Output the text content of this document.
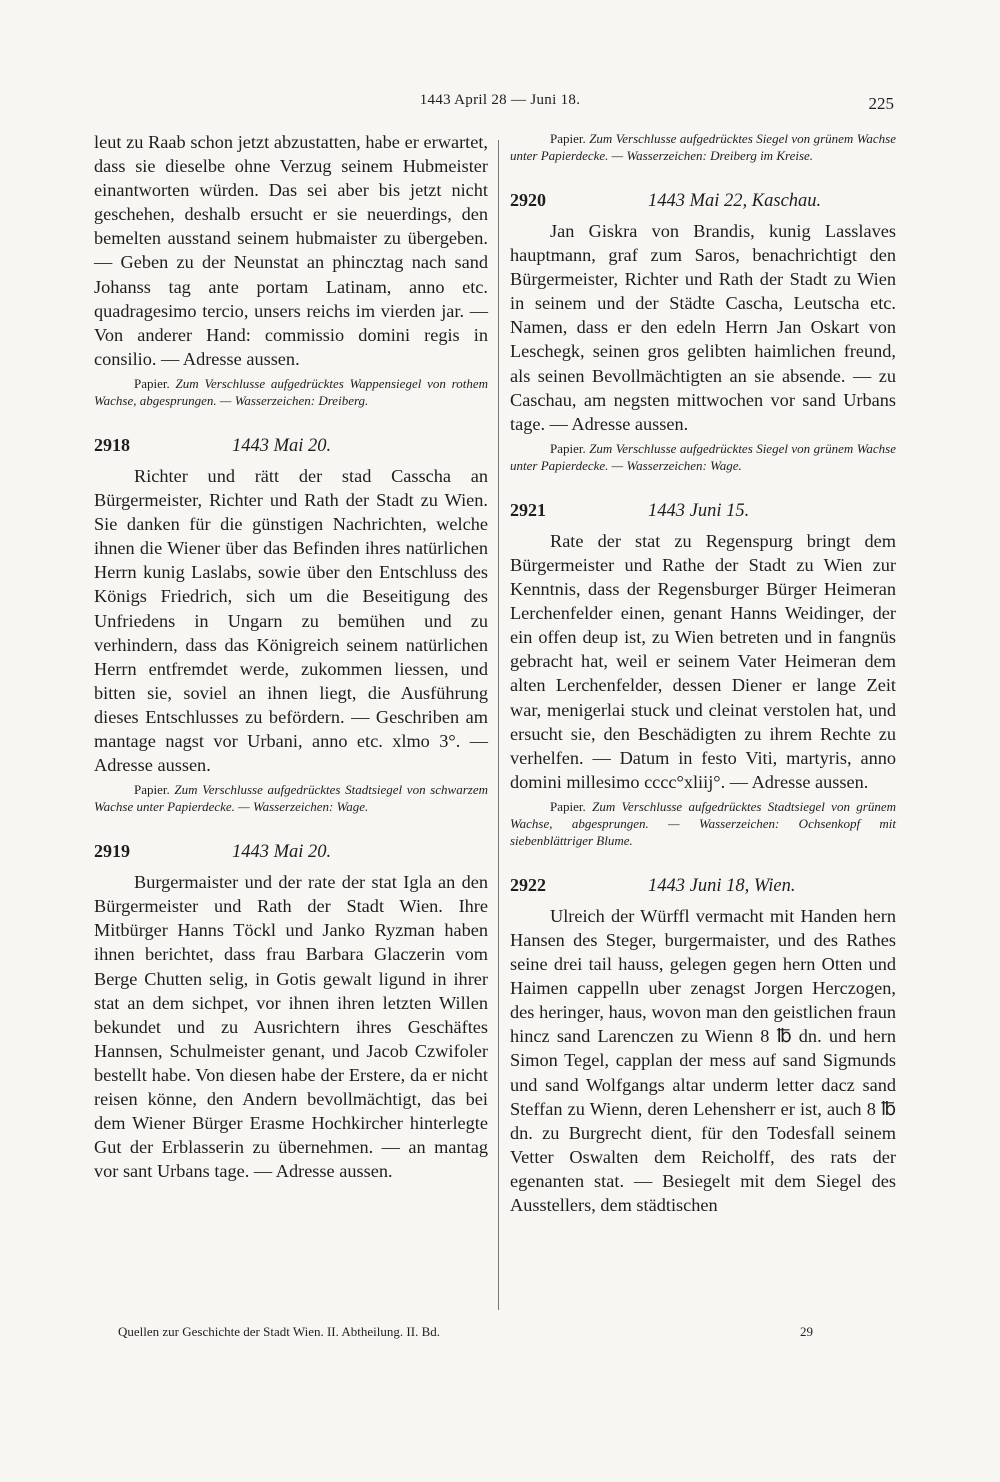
1443 April 28 — Juni 18.	225

leut zu Raab schon jetzt abzustatten, habe er erwartet, dass sie dieselbe ohne Verzug seinem Hubmeister einantworten würden. Das sei aber bis jetzt nicht geschehen, deshalb ersucht er sie neuerdings, den bemelten ausstand seinem hubmaister zu übergeben. — Geben zu der Neunstat an phincztag nach sand Johanss tag ante portam Latinam, anno etc. quadragesimo tercio, unsers reichs im vierden jar. — Von anderer Hand: commissio domini regis in consilio. — Adresse aussen.

Papier. Zum Verschlusse aufgedrücktes Wappensiegel von rothem Wachse, abgesprungen. — Wasserzeichen: Dreiberg.

2918	1443 Mai 20.

Richter und rätt der stad Casscha an Bürgermeister, Richter und Rath der Stadt zu Wien. Sie danken für die günstigen Nachrichten, welche ihnen die Wiener über das Befinden ihres natürlichen Herrn kunig Laslabs, sowie über den Entschluss des Königs Friedrich, sich um die Beseitigung des Unfriedens in Ungarn zu bemühen und zu verhindern, dass das Königreich seinem natürlichen Herrn entfremdet werde, zukommen liessen, und bitten sie, soviel an ihnen liegt, die Ausführung dieses Entschlusses zu befördern. — Geschriben am mantage nagst vor Urbani, anno etc. xlmo 3°. — Adresse aussen.

Papier. Zum Verschlusse aufgedrücktes Stadtsiegel von schwarzem Wachse unter Papierdecke. — Wasserzeichen: Wage.

2919	1443 Mai 20.

Burgermaister und der rate der stat Igla an den Bürgermeister und Rath der Stadt Wien. Ihre Mitbürger Hanns Töckl und Janko Ryzman haben ihnen berichtet, dass frau Barbara Glaczerin vom Berge Chutten selig, in Gotis gewalt ligund in ihrer stat an dem sichpet, vor ihnen ihren letzten Willen bekundet und zu Ausrichtern ihres Geschäftes Hannsen, Schulmeister genant, und Jacob Czwifoler bestellt habe. Von diesen habe der Erstere, da er nicht reisen könne, den Andern bevollmächtigt, das bei dem Wiener Bürger Erasme Hochkircher hinterlegte Gut der Erblasserin zu übernehmen. — an mantag vor sant Urbans tage. — Adresse aussen.

Papier. Zum Verschlusse aufgedrücktes Siegel von grünem Wachse unter Papierdecke. — Wasserzeichen: Dreiberg im Kreise.

2920	1443 Mai 22, Kaschau.

Jan Giskra von Brandis, kunig Lasslaves hauptmann, graf zum Saros, benachrichtigt den Bürgermeister, Richter und Rath der Stadt zu Wien in seinem und der Städte Cascha, Leutscha etc. Namen, dass er den edeln Herrn Jan Oskart von Leschegk, seinen gros gelibten haimlichen freund, als seinen Bevollmächtigten an sie absende. — zu Caschau, am negsten mittwochen vor sand Urbans tage. — Adresse aussen.

Papier. Zum Verschlusse aufgedrücktes Siegel von grünem Wachse unter Papierdecke. — Wasserzeichen: Wage.

2921	1443 Juni 15.

Rate der stat zu Regenspurg bringt dem Bürgermeister und Rathe der Stadt zu Wien zur Kenntnis, dass der Regensburger Bürger Heimeran Lerchenfelder einen, genant Hanns Weidinger, der ein offen deup ist, zu Wien betreten und in fangnüs gebracht hat, weil er seinem Vater Heimeran dem alten Lerchenfelder, dessen Diener er lange Zeit war, menigerlai stuck und cleinat verstolen hat, und ersucht sie, den Beschädigten zu ihrem Rechte zu verhelfen. — Datum in festo Viti, martyris, anno domini millesimo cccc°xliij°. — Adresse aussen.

Papier. Zum Verschlusse aufgedrücktes Stadtsiegel von grünem Wachse, abgesprungen. — Wasserzeichen: Ochsenkopf mit siebenblättriger Blume.

2922	1443 Juni 18, Wien.

Ulreich der Würffl vermacht mit Handen hern Hansen des Steger, burgermaister, und des Rathes seine drei tail hauss, gelegen gegen hern Otten und Haimen cappelln uber zenagst Jorgen Herczogen, des heringer, haus, wovon man den geistlichen fraun hincz sand Larenczen zu Wienn 8 ℔ dn. und hern Simon Tegel, capplan der mess auf sand Sigmunds und sand Wolfgangs altar underm letter dacz sand Steffan zu Wienn, deren Lehensherr er ist, auch 8 ℔ dn. zu Burgrecht dient, für den Todesfall seinem Vetter Oswalten dem Reicholff, des rats der egenanten stat. — Besiegelt mit dem Siegel des Ausstellers, dem städtischen

Quellen zur Geschichte der Stadt Wien. II. Abtheilung. II. Bd.	29
